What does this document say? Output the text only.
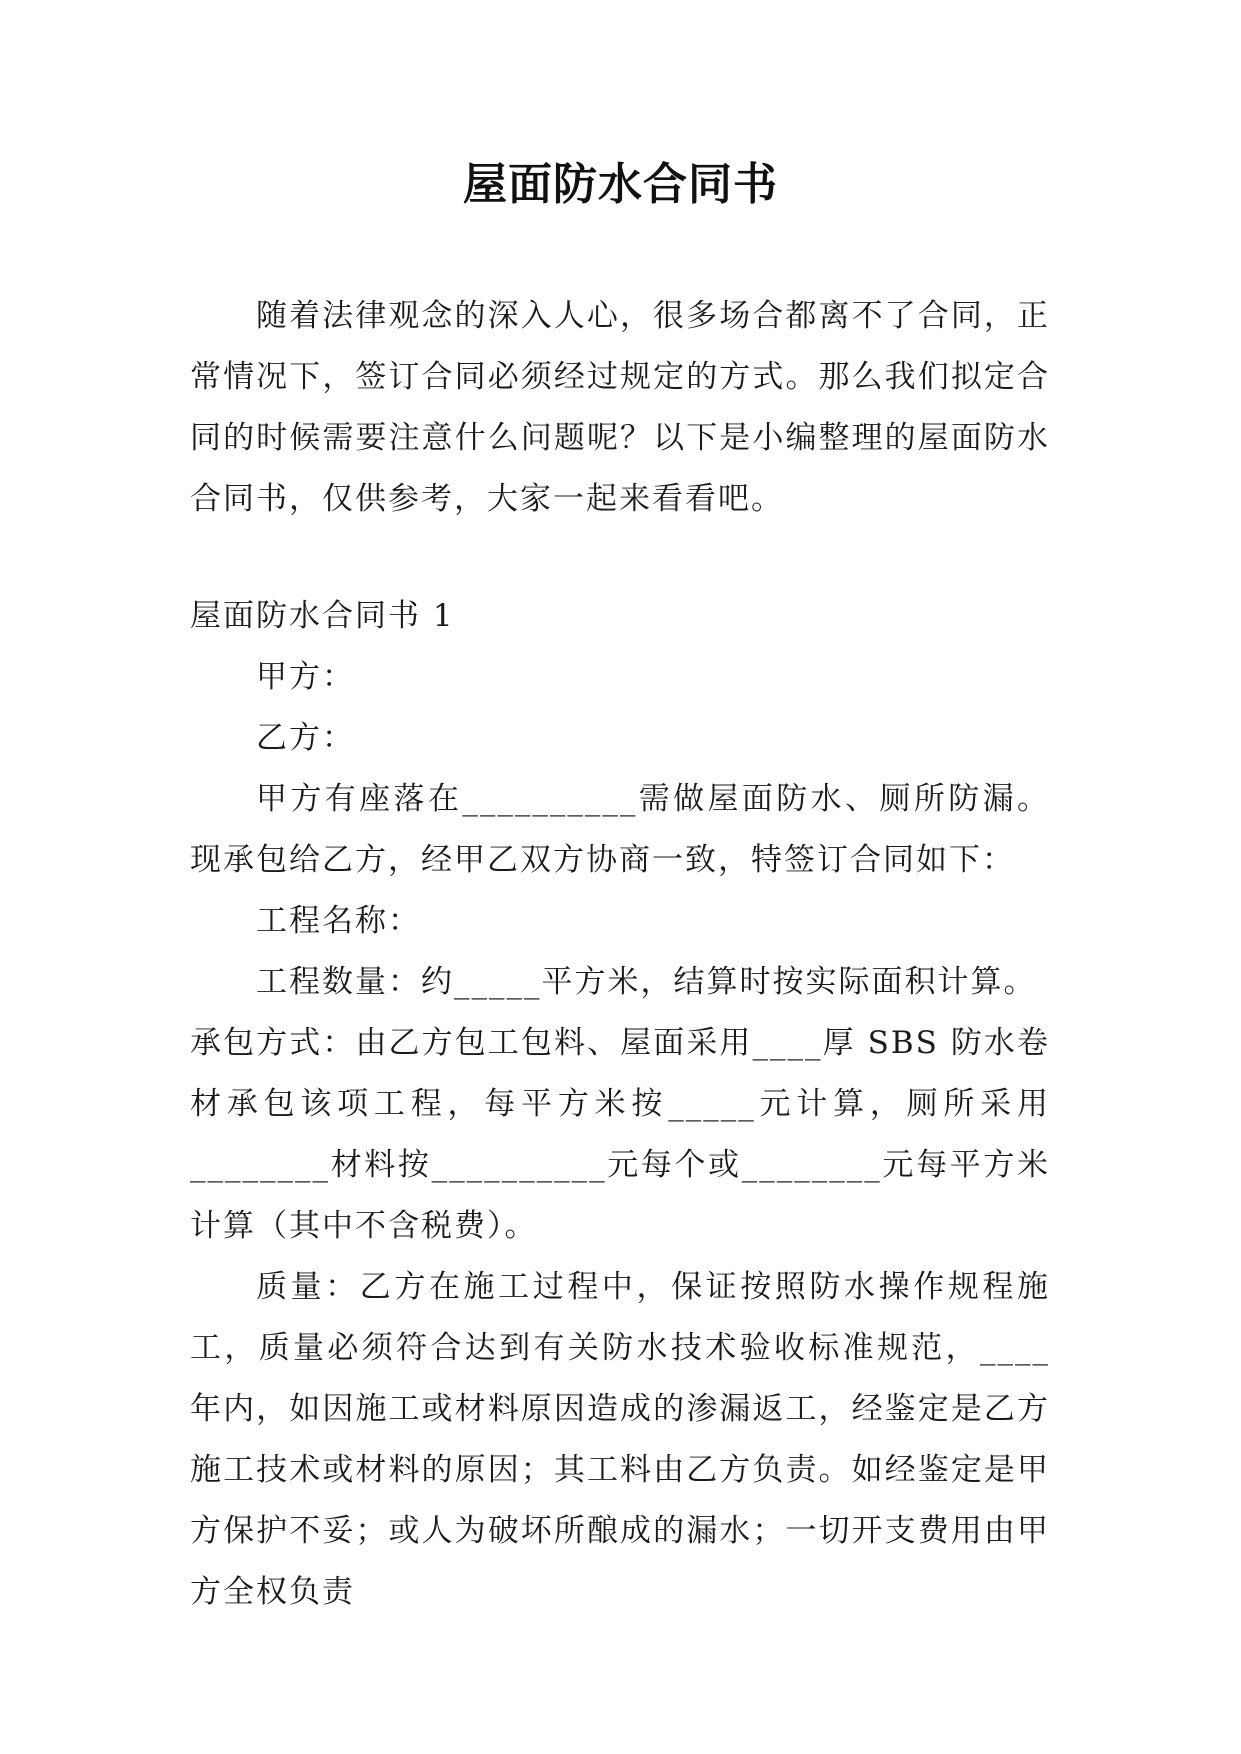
屋面防水合同书

随着法律观念的深入人心，很多场合都离不了合同，正常情况下，签订合同必须经过规定的方式。那么我们拟定合同的时候需要注意什么问题呢？以下是小编整理的屋面防水合同书，仅供参考，大家一起来看看吧。

屋面防水合同书 1

甲方：

乙方：

甲方有座落在__________需做屋面防水、厕所防漏。现承包给乙方，经甲乙双方协商一致，特签订合同如下：

工程名称：

工程数量：约_____平方米，结算时按实际面积计算。

承包方式：由乙方包工包料、屋面采用____厚 SBS 防水卷材承包该项工程，每平方米按_____元计算，厕所采用________材料按__________元每个或________元每平方米计算（其中不含税费）。

质量：乙方在施工过程中，保证按照防水操作规程施工，质量必须符合达到有关防水技术验收标准规范，____年内，如因施工或材料原因造成的渗漏返工，经鉴定是乙方施工技术或材料的原因；其工料由乙方负责。如经鉴定是甲方保护不妥；或人为破坏所酿成的漏水；一切开支费用由甲方全权负责
